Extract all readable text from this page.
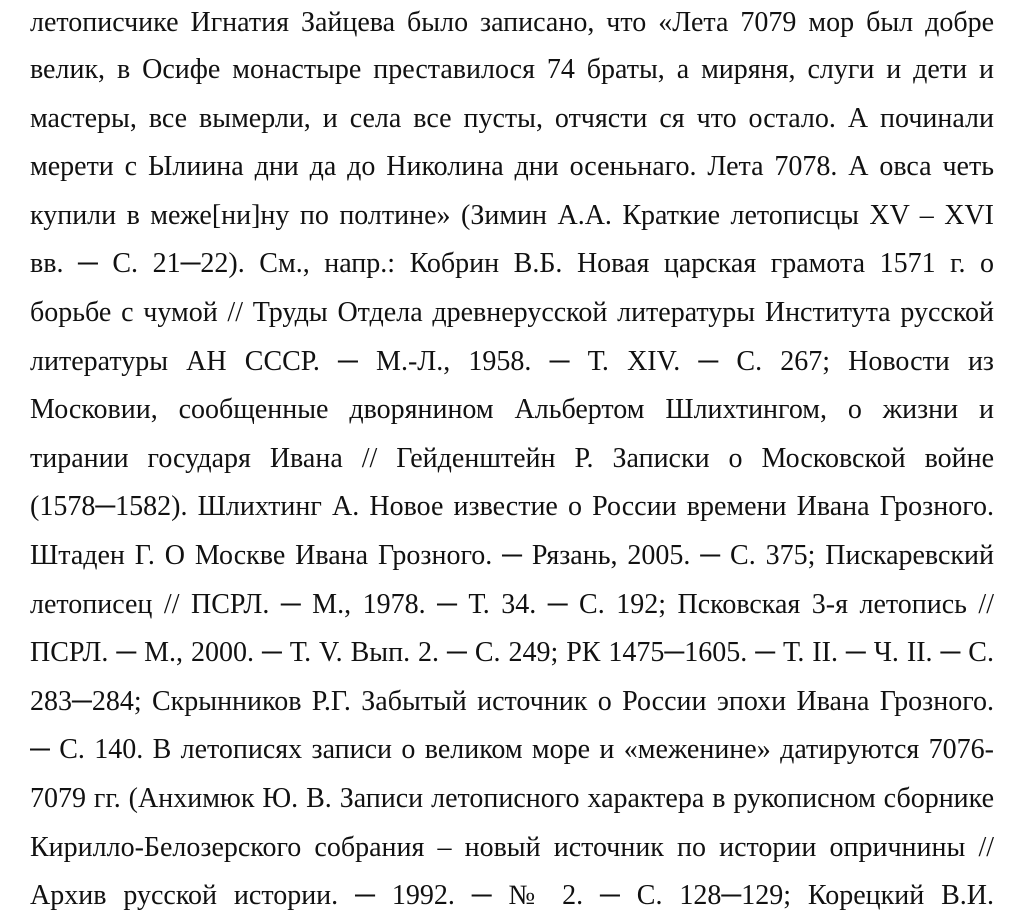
летописчике Игнатия Зайцева было записано, что «Лета 7079 мор был добре
велик, в Осифе монастыре преставилося 74 браты, а миряня, слуги и дети и
мастеры, все вымерли, и села все пусты, отчясти ся что остало. А починали
мерети с Ылиина дни да до Николина дни осеньнаго. Лета 7078. А овса четь
купили в меже[ни]ну по полтине» (Зимин А.А. Краткие летописцы XV – XVI
вв. ─ С. 21─22). См., напр.: Кобрин В.Б. Новая царская грамота 1571 г. о
борьбе с чумой // Труды Отдела древнерусской литературы Института русской
литературы АН СССР. ─ М.-Л., 1958. ─ Т. XIV. ─ С. 267; Новости из
Московии, сообщенные дворянином Альбертом Шлихтингом, о жизни и
тирании государя Ивана // Гейденштейн Р. Записки о Московской войне
(1578─1582). Шлихтинг А. Новое известие о России времени Ивана Грозного.
Штаден Г. О Москве Ивана Грозного. ─ Рязань, 2005. ─ С. 375; Пискаревский
летописец // ПСРЛ. ─ М., 1978. ─ Т. 34. ─ С. 192; Псковская 3-я летопись //
ПСРЛ. ─ М., 2000. ─ Т. V. Вып. 2. ─ С. 249; РК 1475─1605. ─ Т. II. ─ Ч. II. ─ С.
283─284; Скрынников Р.Г. Забытый источник о России эпохи Ивана Грозного.
─ С. 140. В летописях записи о великом море и «меженине» датируются 7076-
7079 гг. (Анхимюк Ю. В. Записи летописного характера в рукописном сборнике
Кирилло-Белозерского собрания – новый источник по истории опричнины //
Архив русской истории. ─ 1992. ─ № 2. ─ С. 128─129; Корецкий В.И.
